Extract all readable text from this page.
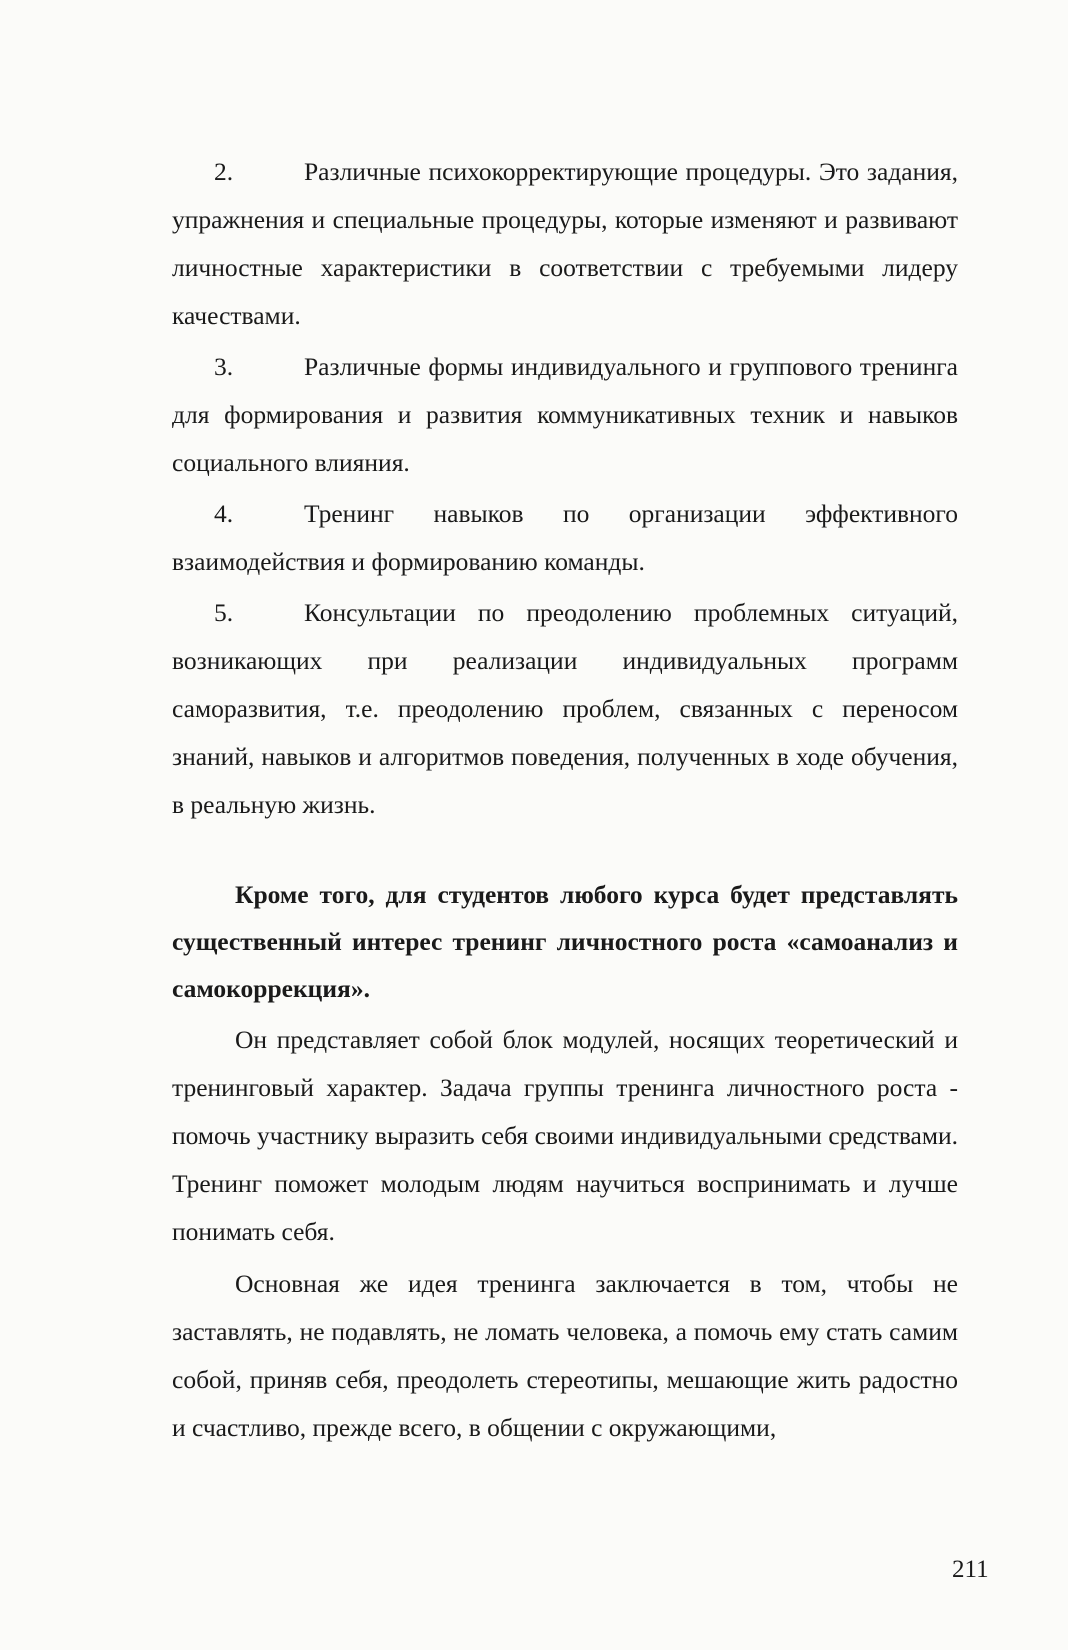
2.	Различные психокорректирующие процедуры. Это задания, упражнения и специальные процедуры, которые изменяют и развивают личностные характеристики в соответствии с требуемыми лидеру качествами.
3.	Различные формы индивидуального и группового тренинга для формирования и развития коммуникативных техник и навыков социального влияния.
4.	Тренинг навыков по организации эффективного взаимодействия и формированию команды.
5.	Консультации по преодолению проблемных ситуаций, возникающих при реализации индивидуальных программ саморазвития, т.е. преодолению проблем, связанных с переносом знаний, навыков и алгоритмов поведения, полученных в ходе обучения, в реальную жизнь.
Кроме того, для студентов любого курса будет представлять существенный интерес тренинг личностного роста «самоанализ и самокоррекция».
Он представляет собой блок модулей, носящих теоретический и тренинговый характер. Задача группы тренинга личностного роста - помочь участнику выразить себя своими индивидуальными средствами. Тренинг поможет молодым людям научиться воспринимать и лучше понимать себя.
Основная же идея тренинга заключается в том, чтобы не заставлять, не подавлять, не ломать человека, а помочь ему стать самим собой, приняв себя, преодолеть стереотипы, мешающие жить радостно и счастливо, прежде всего, в общении с окружающими,
211
